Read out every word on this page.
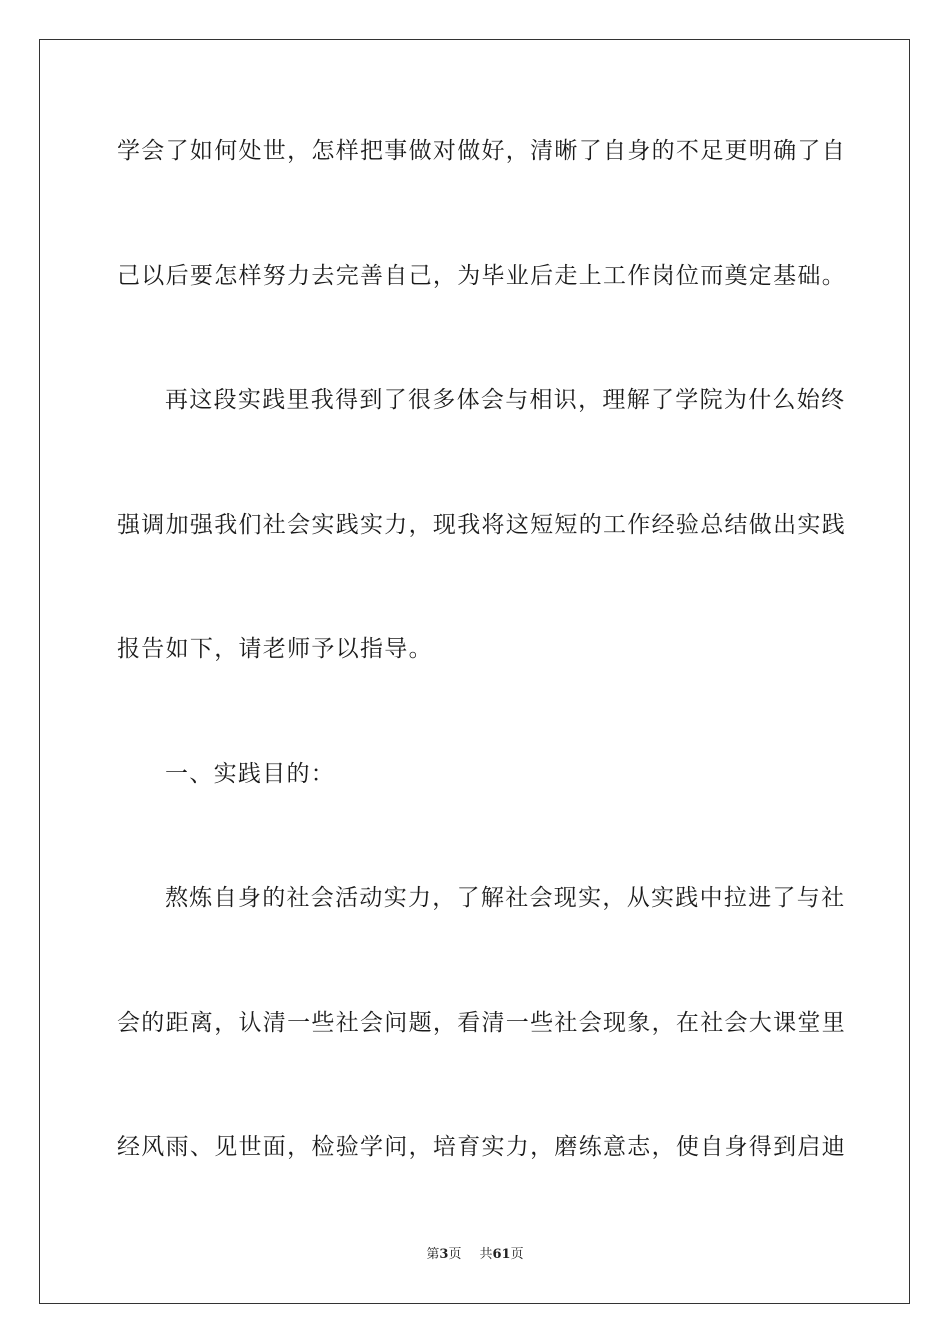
学会了如何处世，怎样把事做对做好，清晰了自身的不足更明确了自
己以后要怎样努力去完善自己，为毕业后走上工作岗位而奠定基础。
再这段实践里我得到了很多体会与相识，理解了学院为什么始终
强调加强我们社会实践实力，现我将这短短的工作经验总结做出实践
报告如下，请老师予以指导。
一、实践目的：
熬炼自身的社会活动实力，了解社会现实，从实践中拉进了与社
会的距离，认清一些社会问题，看清一些社会现象，在社会大课堂里
经风雨、见世面，检验学问，培育实力，磨练意志，使自身得到启迪
第3页 共61页
